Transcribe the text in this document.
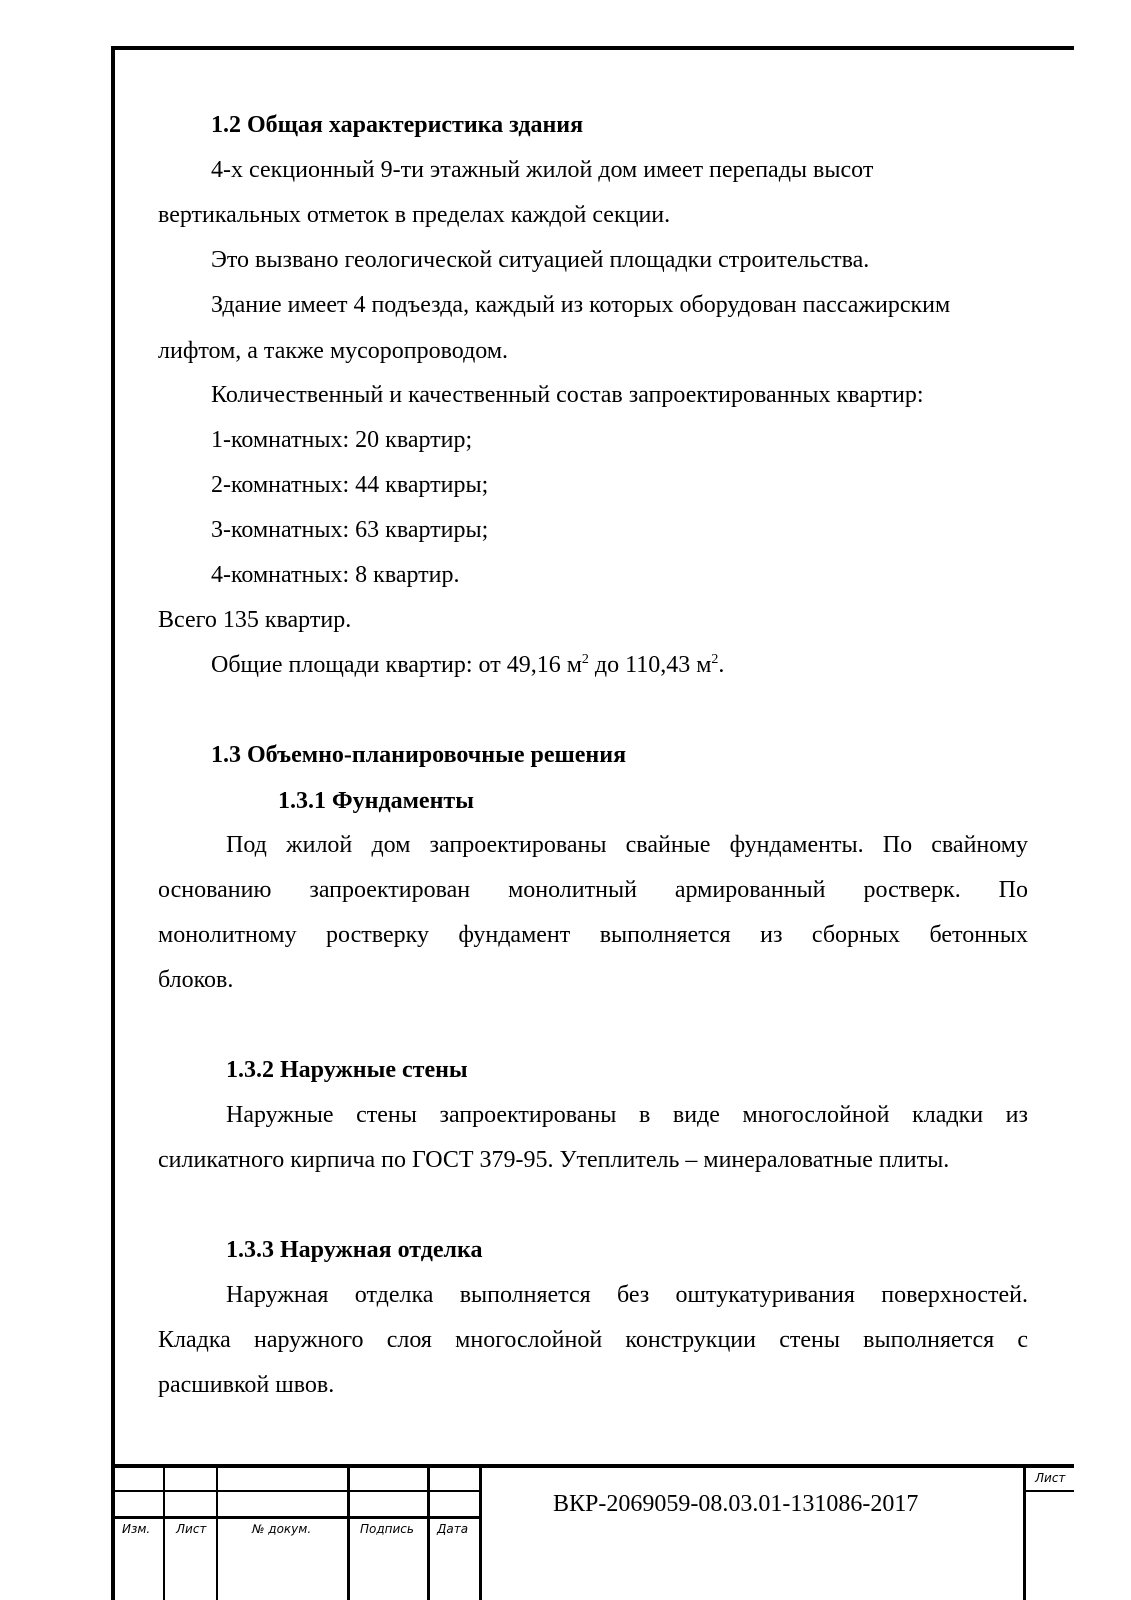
1.2 Общая характеристика здания
4-х секционный 9-ти этажный жилой дом имеет перепады высот
вертикальных отметок в пределах каждой секции.
Это вызвано геологической ситуацией площадки строительства.
Здание имеет 4 подъезда, каждый из которых оборудован пассажирским
лифтом, а также мусоропроводом.
Количественный и качественный состав запроектированных квартир:
1-комнатных: 20 квартир;
2-комнатных: 44 квартиры;
3-комнатных: 63 квартиры;
4-комнатных: 8 квартир.
Всего 135 квартир.
Общие площади квартир: от 49,16 $м^2$ до 110,43 $м^2$.
1.3 Объемно-планировочные решения
1.3.1 Фундаменты
Под жилой дом запроектированы свайные фундаменты. По свайному
основанию запроектирован монолитный армированный ростверк. По
монолитному ростверку фундамент выполняется из сборных бетонных
блоков.
1.3.2 Наружные стены
Наружные стены запроектированы в виде многослойной кладки из
силикатного кирпича по ГОСТ 379-95. Утеплитель – минераловатные плиты.
1.3.3 Наружная отделка
Наружная отделка выполняется без оштукатуривания поверхностей.
Кладка наружного слоя многослойной конструкции стены выполняется с
расшивкой швов.
Изм. Лист	№ докум.	Подпись Дата
Лист
ВКР-2069059-08.03.01-131086-2017
